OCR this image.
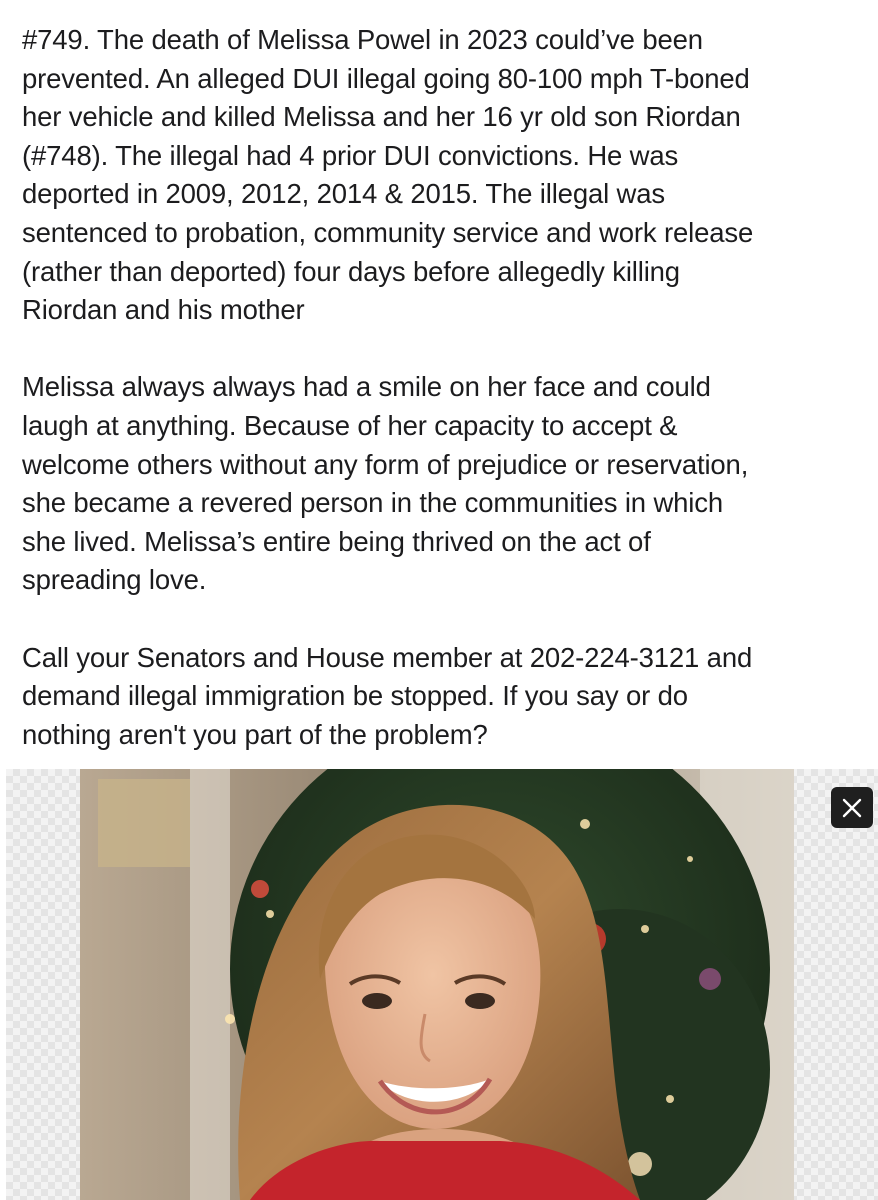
#749. The death of Melissa Powel in 2023 could’ve been
prevented. An alleged DUI illegal going 80-100 mph T-boned
her vehicle and killed Melissa and her 16 yr old son Riordan
(#748). The illegal had 4 prior DUI convictions. He was
deported in 2009, 2012, 2014 & 2015. The illegal was
sentenced to probation, community service and work release
(rather than deported) four days before allegedly killing
Riordan and his mother

Melissa always always had a smile on her face and could
laugh at anything. Because of her capacity to accept &
welcome others without any form of prejudice or reservation,
she became a revered person in the communities in which
she lived. Melissa’s entire being thrived on the act of
spreading love.

Call your Senators and House member at 202-224-3121 and
demand illegal immigration be stopped. If you say or do
nothing aren't you part of the problem?
